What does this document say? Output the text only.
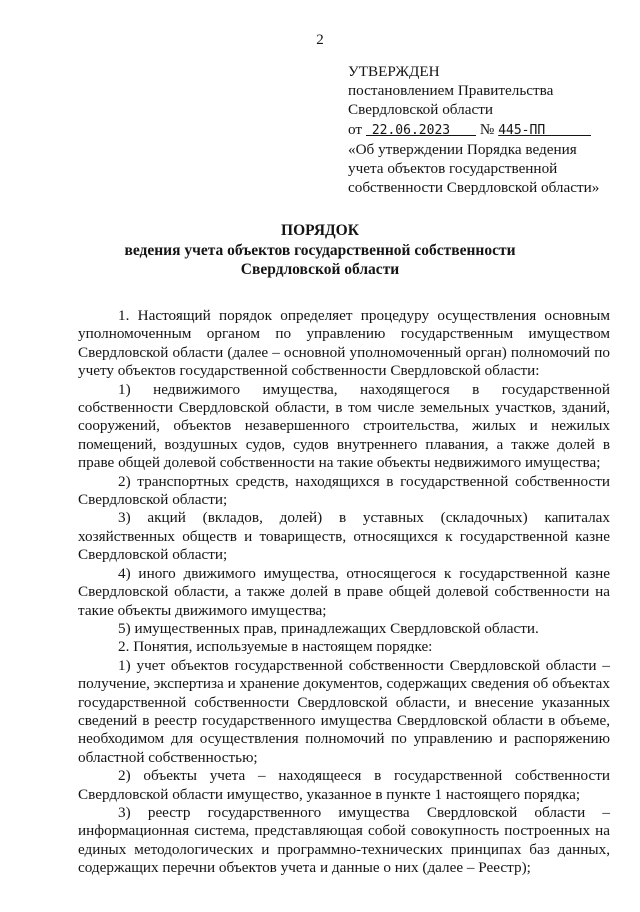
2
УТВЕРЖДЕН
постановлением Правительства
Свердловской области
от 22.06.2023 № 445-ПП
«Об утверждении Порядка ведения
учета объектов государственной
собственности Свердловской области»
ПОРЯДОК
ведения учета объектов государственной собственности
Свердловской области

1. Настоящий порядок определяет процедуру осуществления основным уполномоченным органом по управлению государственным имуществом Свердловской области (далее – основной уполномоченный орган) полномочий по учету объектов государственной собственности Свердловской области:

1) недвижимого имущества, находящегося в государственной собственности Свердловской области, в том числе земельных участков, зданий, сооружений, объектов незавершенного строительства, жилых и нежилых помещений, воздушных судов, судов внутреннего плавания, а также долей в праве общей долевой собственности на такие объекты недвижимого имущества;

2) транспортных средств, находящихся в государственной собственности Свердловской области;

3) акций (вкладов, долей) в уставных (складочных) капиталах хозяйственных обществ и товариществ, относящихся к государственной казне Свердловской области;

4) иного движимого имущества, относящегося к государственной казне Свердловской области, а также долей в праве общей долевой собственности на такие объекты движимого имущества;

5) имущественных прав, принадлежащих Свердловской области.

2. Понятия, используемые в настоящем порядке:

1) учет объектов государственной собственности Свердловской области – получение, экспертиза и хранение документов, содержащих сведения об объектах государственной собственности Свердловской области, и внесение указанных сведений в реестр государственного имущества Свердловской области в объеме, необходимом для осуществления полномочий по управлению и распоряжению областной собственностью;

2) объекты учета – находящееся в государственной собственности Свердловской области имущество, указанное в пункте 1 настоящего порядка;

3) реестр государственного имущества Свердловской области – информационная система, представляющая собой совокупность построенных на единых методологических и программно-технических принципах баз данных, содержащих перечни объектов учета и данные о них (далее – Реестр);
